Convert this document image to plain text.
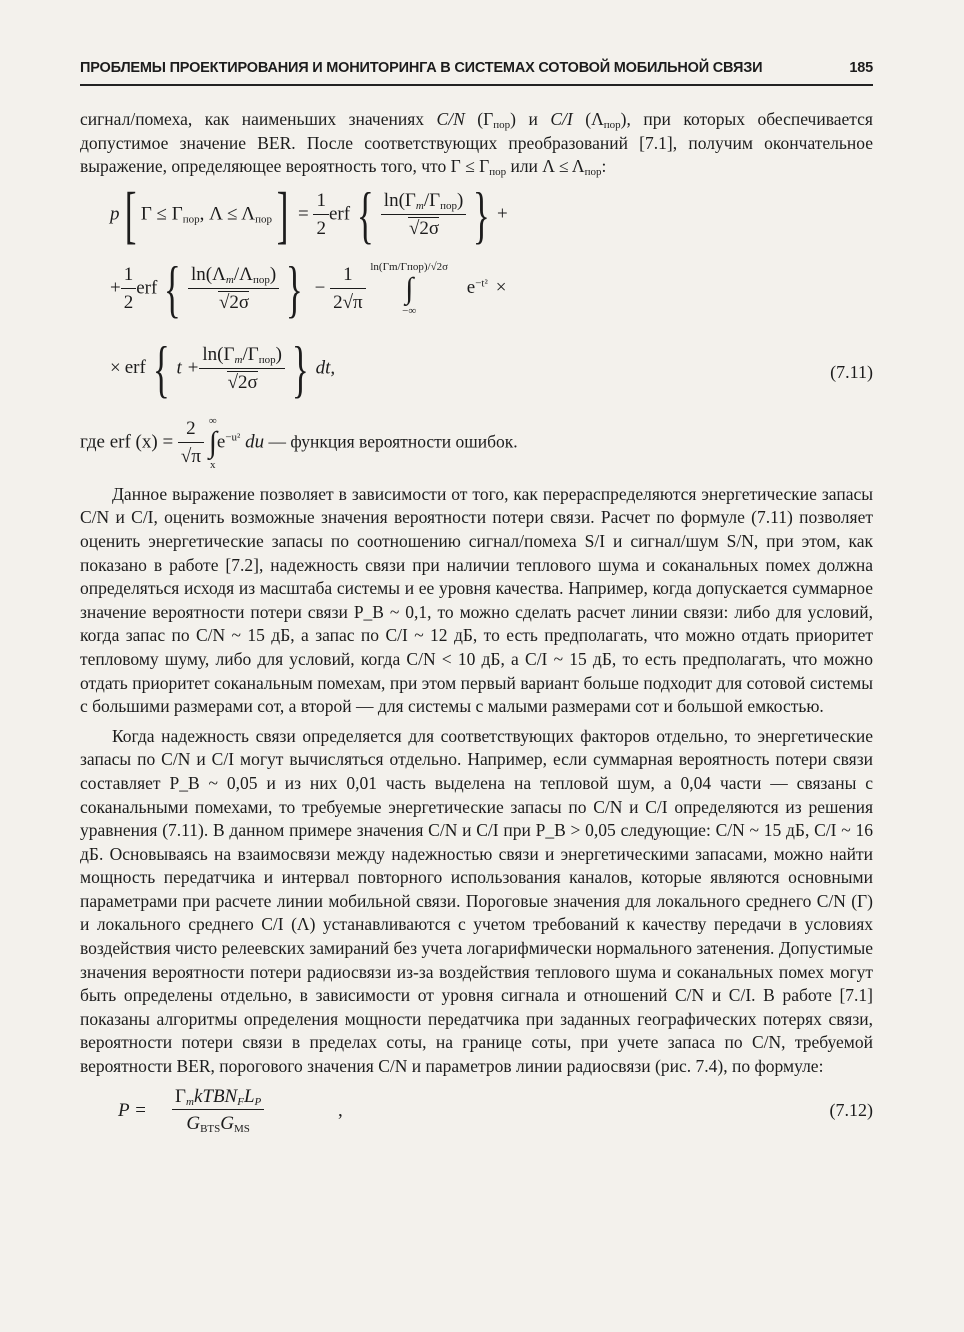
ПРОБЛЕМЫ ПРОЕКТИРОВАНИЯ И МОНИТОРИНГА В СИСТЕМАХ СОТОВОЙ МОБИЛЬНОЙ СВЯЗИ	185

сигнал/помеха, как наименьших значениях C/N $(Г_{пор})$ и C/I $(\Lambda_{пор})$, при которых обеспечивается допустимое значение BER. После соответствующих преобразований [7.1], получим окончательное выражение, определяющее вероятность того, что $Г \le Г_{пор}$ или $\Lambda \le \Lambda_{пор}$:

p[ $Г \le Г_{пор}$, $\Lambda \le \Lambda_{пор}] = \frac{1}{2}$ erf { $\frac{\ln(Г_m/Г_{пор})}{√2\sigma}$ } +
+ $\frac{1}{2}$ erf { $\frac{\ln(\Lambda_m/\Lambda_{пор})}{√2\sigma}$ } − $\frac{1}{2√\pi}$ ln(Гm/Гпор)/√2σ
∫
−∞ $e^{-t^2}$ ×
× erf { $t + \frac{\ln(Г_m/Г_{пор})}{√2\sigma}$ } dt,	(7.11)
где erf $(x) = \frac{2}{√\pi}$ ∞
∫
$xe^{-u^2}$ du — функция вероятности ошибок.

Данное выражение позволяет в зависимости от того, как перераспределяются энергетические запасы C/N и C/I, оценить возможные значения вероятности потери связи. Расчет по формуле (7.11) позволяет оценить энергетические запасы по соотношению сигнал/помеха S/I и сигнал/шум S/N, при этом, как показано в работе [7.2], надежность связи при наличии теплового шума и соканальных помех должна определяться исходя из масштаба системы и ее уровня качества. Например, когда допускается суммарное значение вероятности потери связи P_B ~ 0,1, то можно сделать расчет линии связи: либо для условий, когда запас по C/N ~ 15 дБ, а запас по C/I ~ 12 дБ, то есть предполагать, что можно отдать приоритет тепловому шуму, либо для условий, когда C/N < 10 дБ, а C/I ~ 15 дБ, то есть предполагать, что можно отдать приоритет соканальным помехам, при этом первый вариант больше подходит для сотовой системы с большими размерами сот, а второй — для системы с малыми размерами сот и большой емкостью.

Когда надежность связи определяется для соответствующих факторов отдельно, то энергетические запасы по C/N и C/I могут вычисляться отдельно. Например, если суммарная вероятность потери связи составляет P_B ~ 0,05 и из них 0,01 часть выделена на тепловой шум, а 0,04 части — связаны с соканальными помехами, то требуемые энергетические запасы по C/N и C/I определяются из решения уравнения (7.11). В данном примере значения C/N и C/I при P_B > 0,05 следующие: C/N ~ 15 дБ, C/I ~ 16 дБ. Основываясь на взаимосвязи между надежностью связи и энергетическими запасами, можно найти мощность передатчика и интервал повторного использования каналов, которые являются основными параметрами при расчете линии мобильной связи. Пороговые значения для локального среднего C/N (Г) и локального среднего C/I (Λ) устанавливаются с учетом требований к качеству передачи в условиях воздействия чисто релеевских замираний без учета логарифмически нормального затенения. Допустимые значения вероятности потери радиосвязи из-за воздействия теплового шума и соканальных помех могут быть определены отдельно, в зависимости от уровня сигнала и отношений C/N и C/I. В работе [7.1] показаны алгоритмы определения мощности передатчика при заданных географических потерях связи, вероятности потери связи в пределах соты, на границе соты, при учете запаса по C/N, требуемой вероятности BER, порогового значения C/N и параметров линии радиосвязи (рис. 7.4), по формуле:

P =
$Г_mkTBN_FL_P$
$G_{BTS}G_{MS}$
,	(7.12)
